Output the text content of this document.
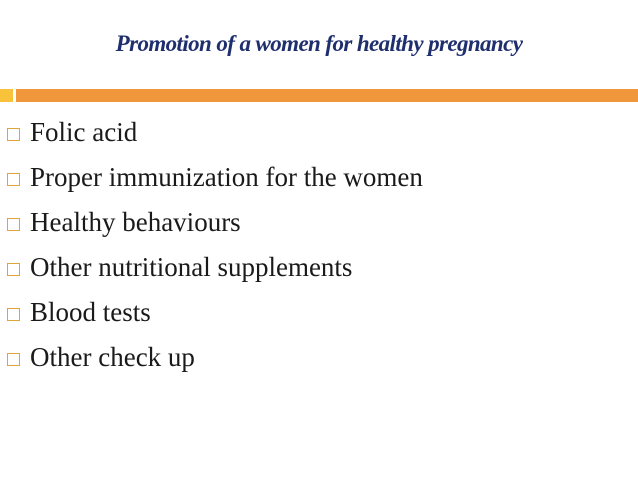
Promotion of a women for healthy pregnancy
Folic acid
Proper immunization for the women
Healthy behaviours
Other nutritional supplements
Blood tests
Other check up
